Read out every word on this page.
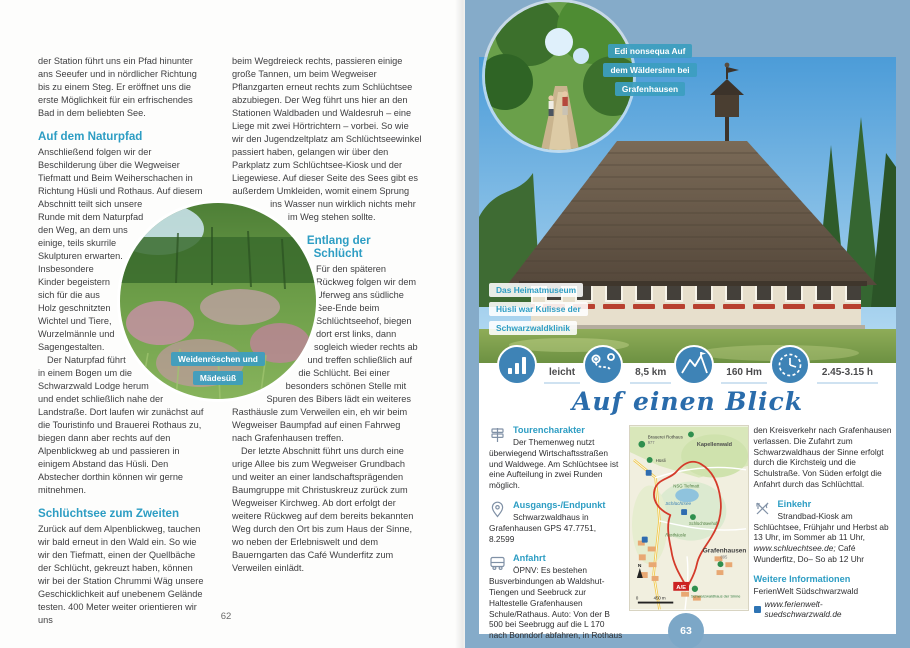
der Station führt uns ein Pfad hinunter ans Seeufer und in nördlicher Richtung bis zu einem Steg. Er eröffnet uns die erste Möglichkeit für ein erfrischendes Bad in dem beliebten See.

Auf dem Naturpfad

Anschließend folgen wir der Beschilderung über die Wegweiser Tiefmatt und Beim Weiherschachen in Richtung Hüsli und Rothaus. Auf diesem Abschnitt teilt sich unsere Runde mit dem Naturpfad den Weg, an dem uns einige, teils skurrile Skulpturen erwarten. Insbesondere Kinder begeistern sich für die aus Holz geschnitzten Wichtel und Tiere, Wurzelmännle und Sagengestalten.

Der Naturpfad führt in einem Bogen um die Schwarzwald Lodge herum und endet schließlich nahe der Landstraße. Dort laufen wir zunächst auf die Touristinfo und Brauerei Rothaus zu, biegen dann aber rechts auf den Alpenblickweg ab und passieren in einigem Abstand das Hüsli. Den Abstecher dorthin können wir gerne mitnehmen.

Schlüchtsee zum Zweiten

Zurück auf dem Alpenblickweg, tauchen wir bald erneut in den Wald ein. So wie wir den Tiefmatt, einen der Quellbäche der Schlücht, gekreuzt haben, können wir bei der Station Chrummi Wäg unsere Geschicklichkeit auf unebenem Gelände testen. 400 Meter weiter orientieren wir uns

beim Wegdreieck rechts, passieren einige große Tannen, um beim Wegweiser Pflanzgarten erneut rechts zum Schlüchtsee abzubiegen. Der Weg führt uns hier an den Stationen Waldbaden und Waldesruh – eine Liege mit zwei Hörtrichtern – vorbei. So wie wir den Jugendzeltplatz am Schlüchtseewinkel passiert haben, gelangen wir über den Parkplatz zum Schlüchtsee-Kiosk und der Liegewiese. Auf dieser Seite des Sees gibt es außerdem Umkleiden, womit einem Sprung ins Wasser nun wirklich nichts mehr im Weg stehen sollte.

Entlang der Schlücht

Für den späteren Rückweg folgen wir dem Uferweg ans südliche See-Ende beim Schlüchtseehof, biegen dort erst links, dann sogleich wieder rechts ab und treffen schließlich auf die Schlücht. Bei einer besonders schönen Stelle mit Spuren des Bibers lädt ein weiteres Rasthäusle zum Verweilen ein, eh wir beim Wegweiser Baumpfad auf einen Fahrweg nach Grafenhausen treffen.

Der letzte Abschnitt führt uns durch eine urige Allee bis zum Wegweiser Grundbach und weiter an einer landschaftsprägenden Baumgruppe mit Christuskreuz zurück zum Wegweiser Kirchweg. Ab dort erfolgt der weitere Rückweg auf dem bereits bekannten Weg durch den Ort bis zum Haus der Sinne, wo neben der Erlebniswelt und dem Bauerngarten das Café Wunderfitz zum Verweilen einlädt.

Weidenröschen und
Mädesüß
62
Das Heimatmuseum
Hüsli war Kulisse der
Schwarzwaldklinik
leicht	8,5 km	160 Hm	2.45-3.15 h
Auf einen Blick
Tourencharakter

Der Themenweg nutzt überwiegend Wirtschaftsstraßen und Waldwege. Am Schlüchtsee ist eine Aufteilung in zwei Runden möglich.

Ausgangs-/Endpunkt

Schwarzwaldhaus in Grafenhausen GPS 47.7751, 8.2599

Anfahrt

ÖPNV: Es bestehen Busverbindungen ab Waldshut-Tiengen und Seebruck zur Haltestelle Grafenhausen Schule/Rathaus. Auto: Von der B 500 bei Seebrugg auf die L 170 nach Bonndorf abfahren, in Rothaus

Brauerei Rothaus
977	Kapellenwald
Hüsli
NSG Tiefmatt
Schlüchtsee
Schlüchtseehof
Rasthäusle
Grafenhausen
895
A/E
Schwarzwaldhaus der Sinne
N
0	450 m

den Kreisverkehr nach Grafenhausen verlassen. Die Zufahrt zum Schwarzwaldhaus der Sinne erfolgt durch die Kirchsteig und die Schulstraße. Von Süden erfolgt die Anfahrt durch das Schlüchttal.

Einkehr

Strandbad-Kiosk am Schlüchtsee, Frühjahr und Herbst ab 13 Uhr, im Sommer ab 11 Uhr, www.schluechtsee.de; Café Wunderfitz, Do– So ab 12 Uhr

Weitere Informationen

FerienWelt Südschwarzwald

www.ferienwelt-suedschwarzwald.de
Edi nonsequa Auf
dem Wäldersinn bei
Grafenhausen
63
